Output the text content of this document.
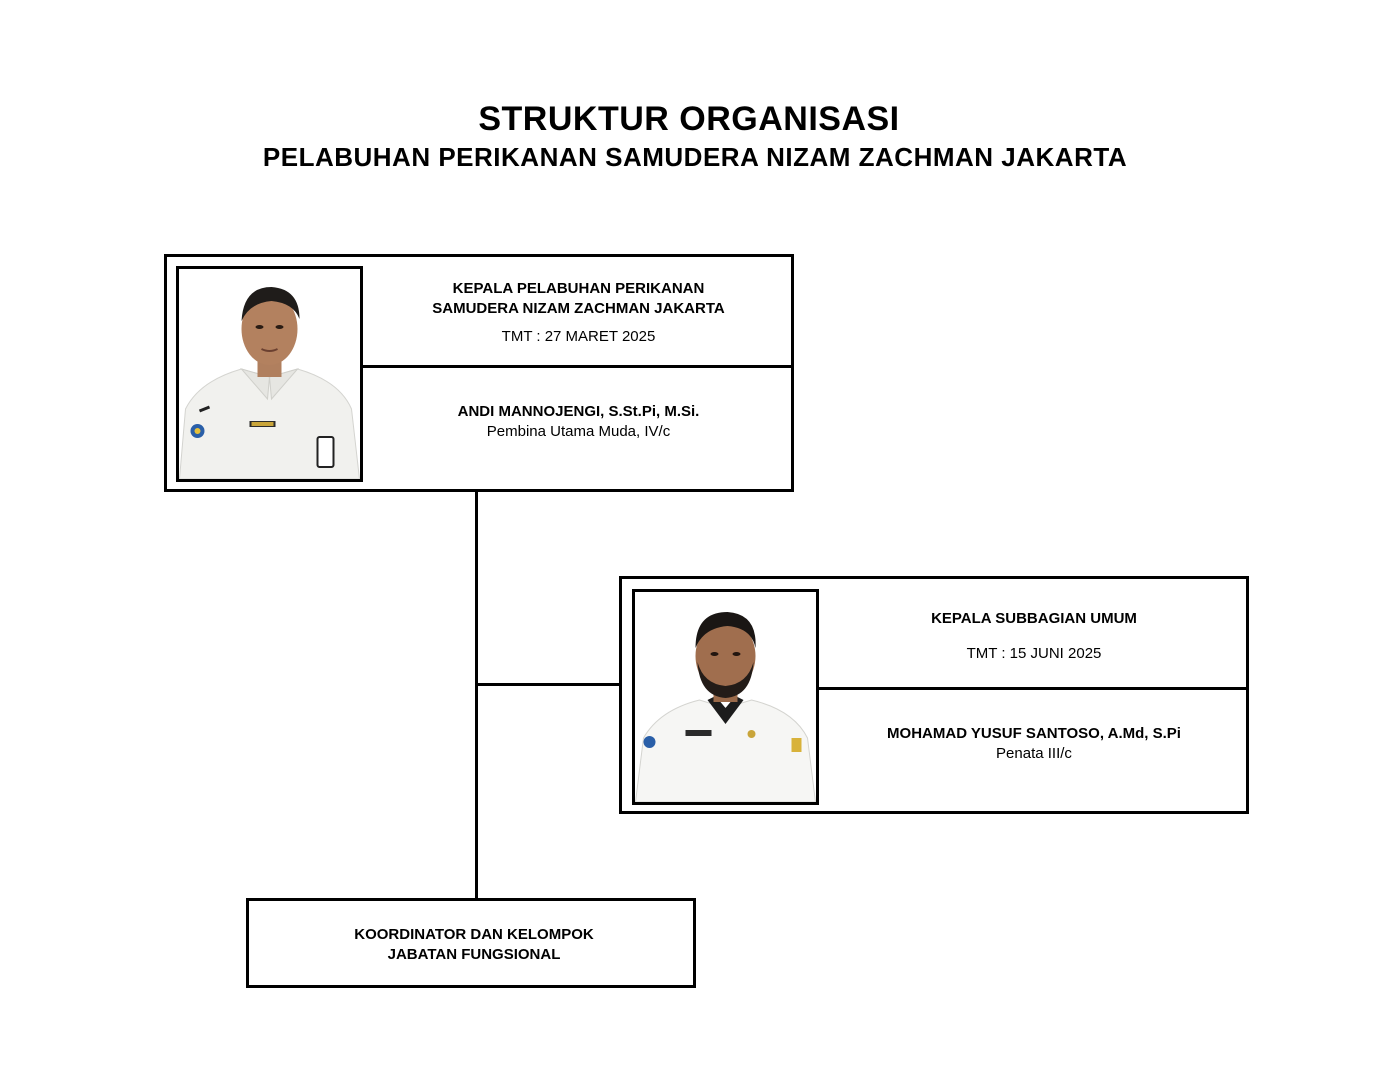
STRUKTUR ORGANISASI
PELABUHAN PERIKANAN SAMUDERA NIZAM ZACHMAN JAKARTA
KEPALA PELABUHAN PERIKANAN
SAMUDERA NIZAM ZACHMAN JAKARTA
TMT : 27 MARET 2025
ANDI MANNOJENGI, S.St.Pi, M.Si.
Pembina Utama Muda, IV/c
KEPALA SUBBAGIAN UMUM
TMT : 15 JUNI 2025
MOHAMAD YUSUF SANTOSO, A.Md, S.Pi
Penata III/c
KOORDINATOR DAN KELOMPOK
JABATAN FUNGSIONAL
